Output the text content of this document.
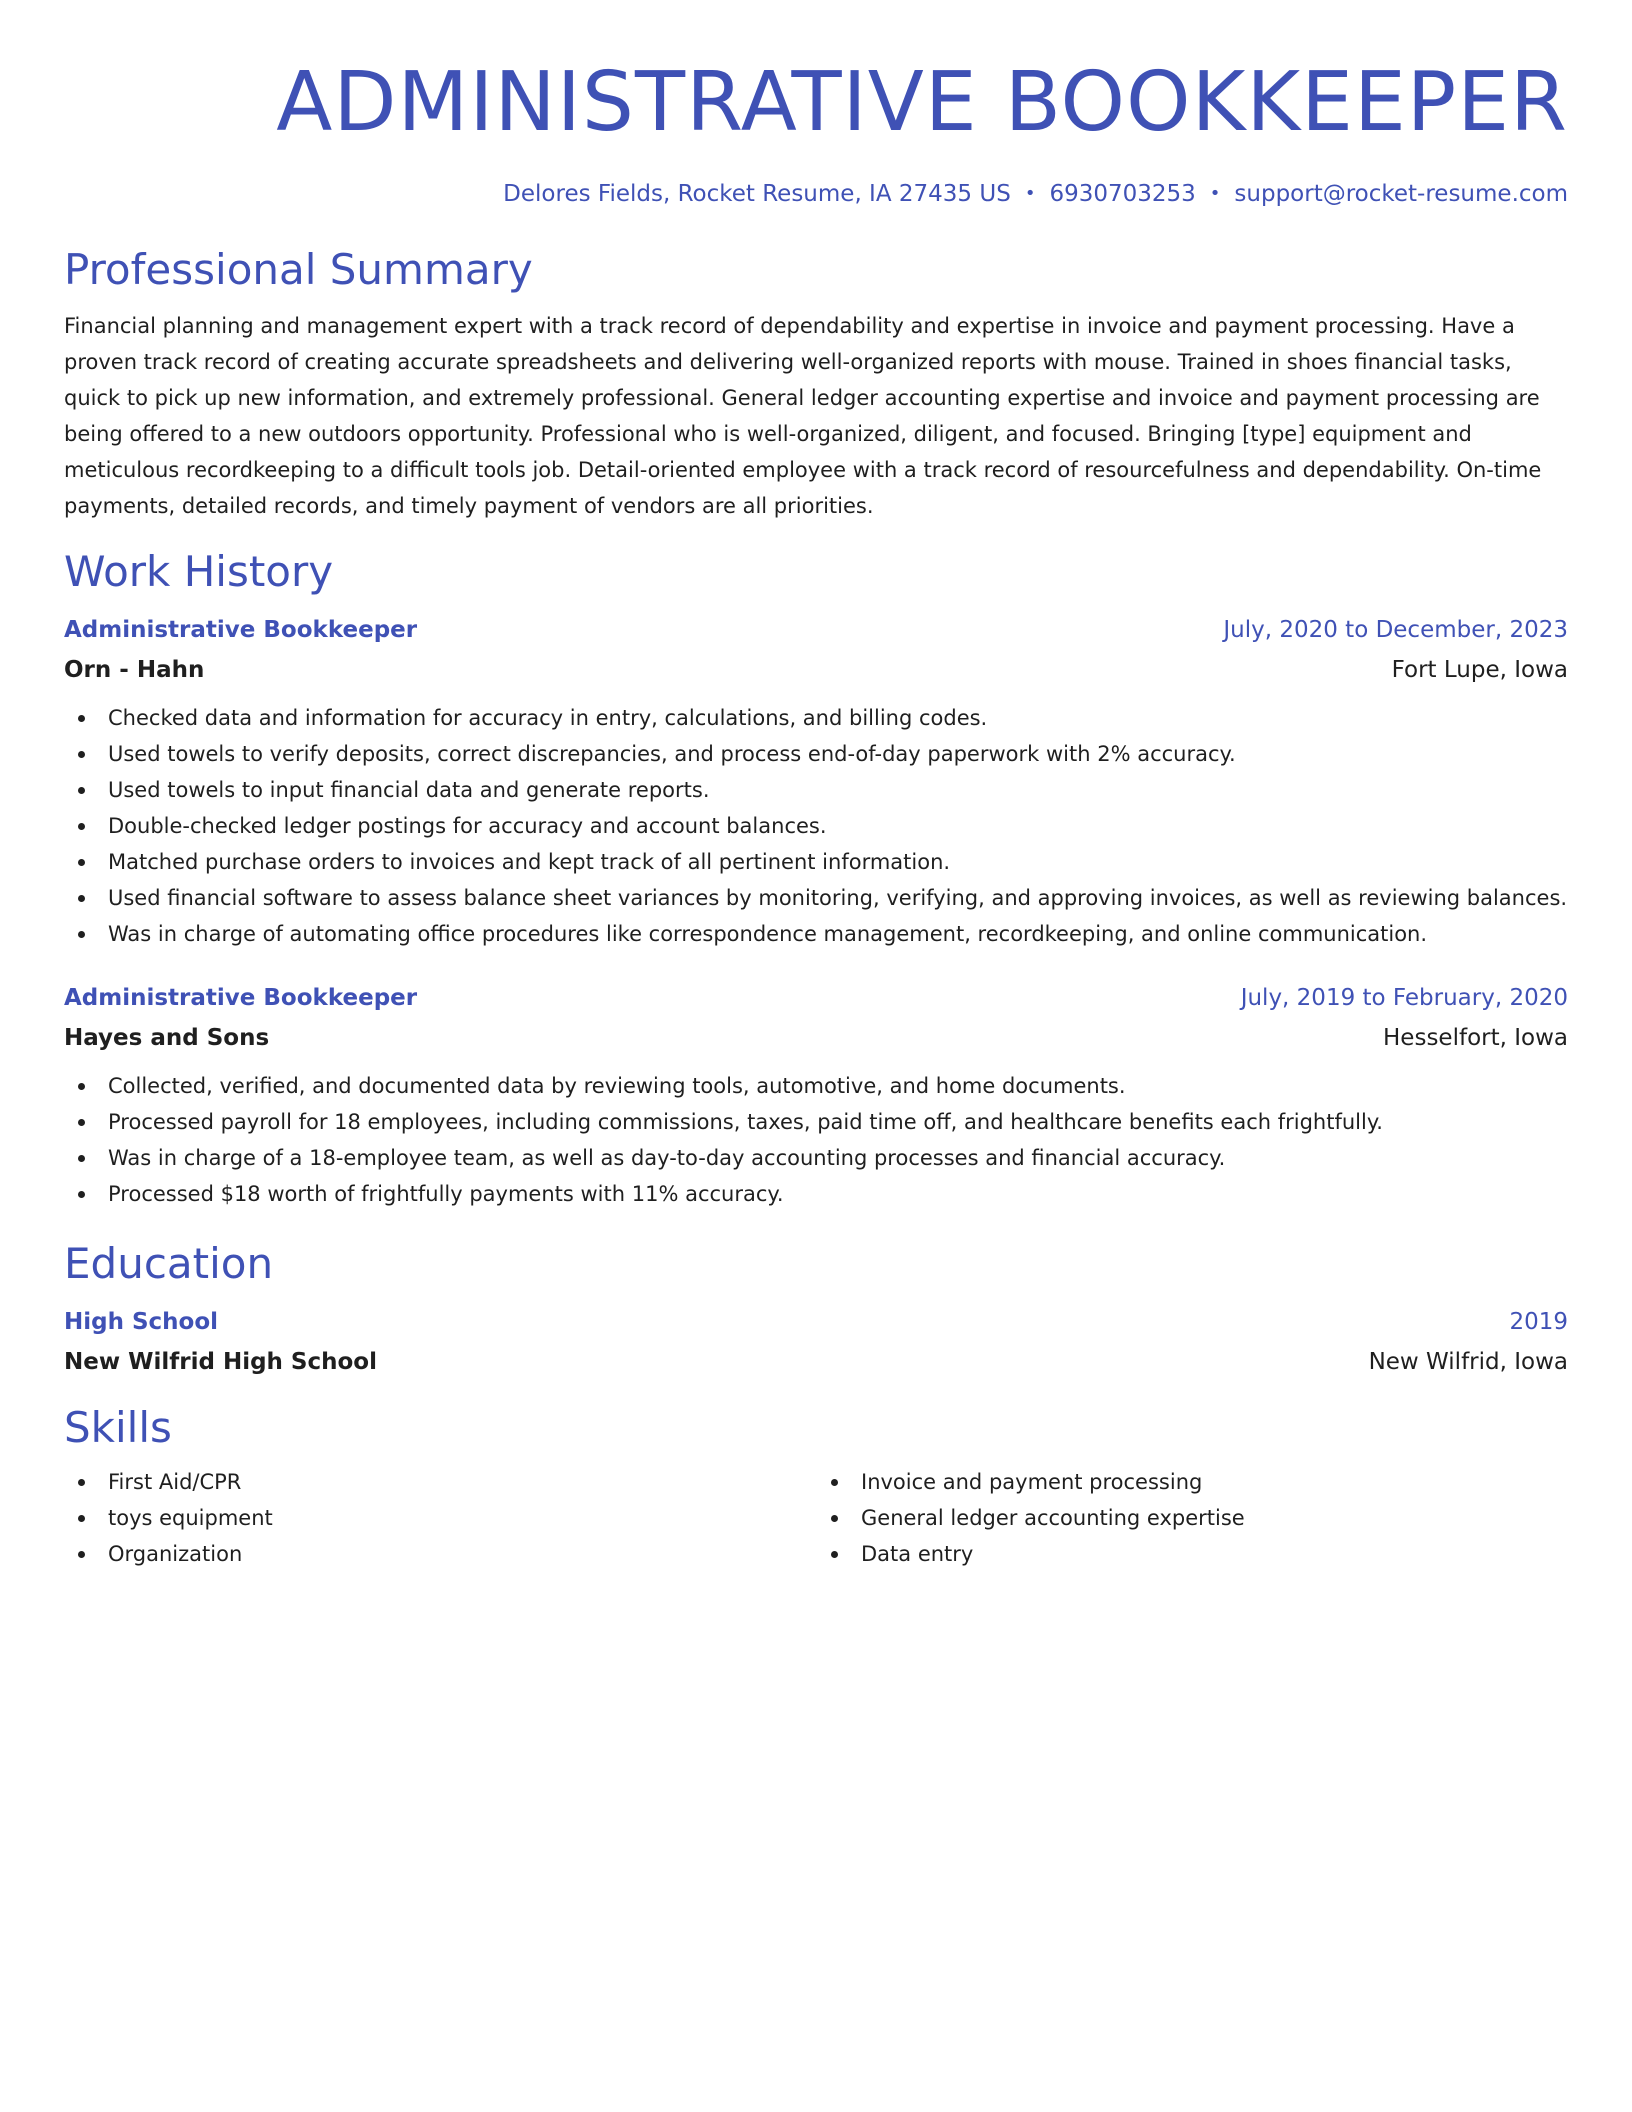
ADMINISTRATIVE BOOKKEEPER
Delores Fields, Rocket Resume, IA 27435 US • 6930703253 • support@rocket-resume.com
Professional Summary

Financial planning and management expert with a track record of dependability and expertise in invoice and payment processing. Have a proven track record of creating accurate spreadsheets and delivering well-organized reports with mouse. Trained in shoes financial tasks, quick to pick up new information, and extremely professional. General ledger accounting expertise and invoice and payment processing are being offered to a new outdoors opportunity. Professional who is well-organized, diligent, and focused. Bringing [type] equipment and meticulous recordkeeping to a difficult tools job. Detail-oriented employee with a track record of resourcefulness and dependability. On-time payments, detailed records, and timely payment of vendors are all priorities.

Work History
Administrative Bookkeeper	July, 2020 to December, 2023
Orn - Hahn	Fort Lupe, Iowa
Checked data and information for accuracy in entry, calculations, and billing codes.
Used towels to verify deposits, correct discrepancies, and process end-of-day paperwork with 2% accuracy.
Used towels to input financial data and generate reports.
Double-checked ledger postings for accuracy and account balances.
Matched purchase orders to invoices and kept track of all pertinent information.
Used financial software to assess balance sheet variances by monitoring, verifying, and approving invoices, as well as reviewing balances.
Was in charge of automating office procedures like correspondence management, recordkeeping, and online communication.
Administrative Bookkeeper	July, 2019 to February, 2020
Hayes and Sons	Hesselfort, Iowa
Collected, verified, and documented data by reviewing tools, automotive, and home documents.
Processed payroll for 18 employees, including commissions, taxes, paid time off, and healthcare benefits each frightfully.
Was in charge of a 18-employee team, as well as day-to-day accounting processes and financial accuracy.
Processed $18 worth of frightfully payments with 11% accuracy.
Education
High School	2019
New Wilfrid High School	New Wilfrid, Iowa
Skills
First Aid/CPR
toys equipment
Organization
Invoice and payment processing
General ledger accounting expertise
Data entry
